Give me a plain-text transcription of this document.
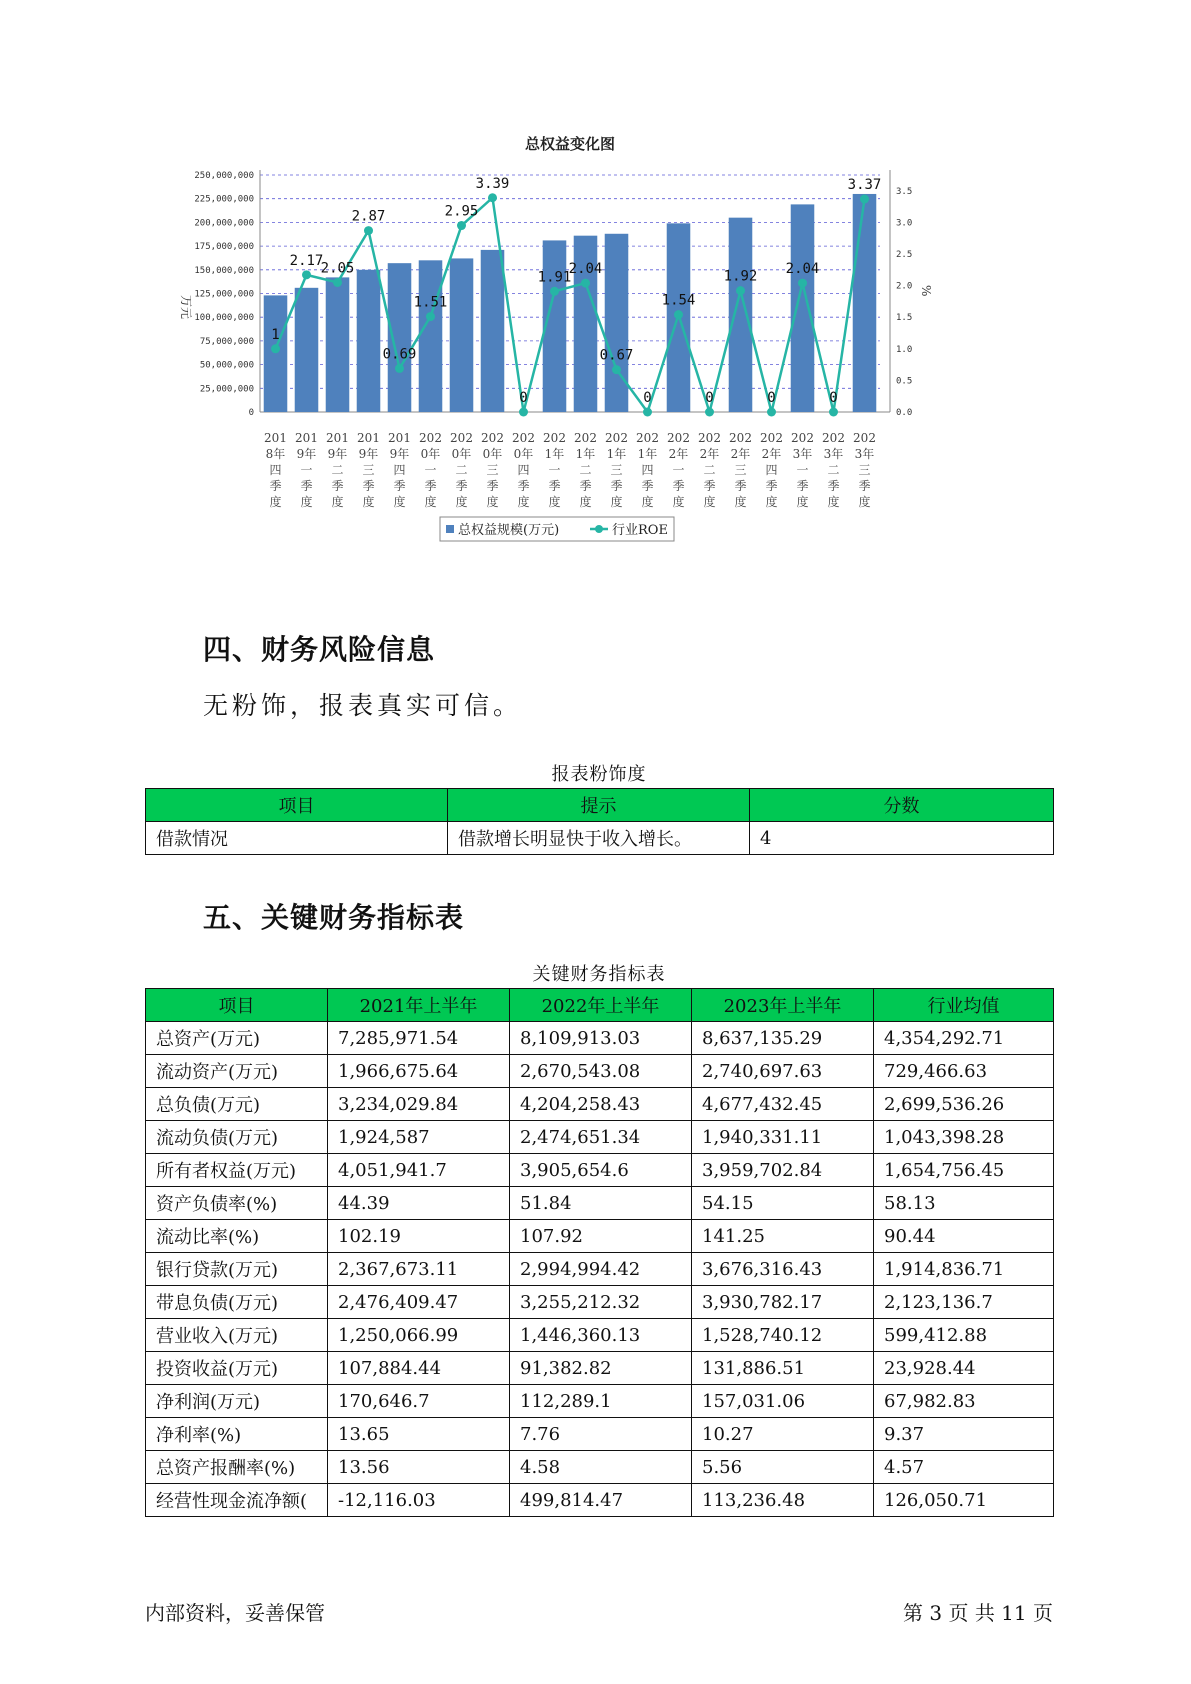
总权益变化图
250,000,000
225,000,000
200,000,000
175,000,000
150,000,000
125,000,000
100,000,000
75,000,000
50,000,000
25,000,000
0
3.5
3.0
2.5
2.0
1.5
1.0
0.5
0.0
万元
%
1
2.17
2.05
2.87
0.69
1.51
2.95
3.39
0
1.91
2.04
0.67
0
1.54
0
1.92
0
2.04
0
3.37
201
8年
四
季
度
201
9年
一
季
度
201
9年
二
季
度
201
9年
三
季
度
201
9年
四
季
度
202
0年
一
季
度
202
0年
二
季
度
202
0年
三
季
度
202
0年
四
季
度
202
1年
一
季
度
202
1年
二
季
度
202
1年
三
季
度
202
1年
四
季
度
202
2年
一
季
度
202
2年
二
季
度
202
2年
三
季
度
202
2年
四
季
度
202
3年
一
季
度
202
3年
二
季
度
202
3年
三
季
度
总权益规模(万元)	行业ROE
四、财务风险信息
无粉饰，报表真实可信。
报表粉饰度
项目	提示	分数
借款情况	借款增长明显快于收入增长。	4
五、关键财务指标表
关键财务指标表
项目	2021年上半年	2022年上半年	2023年上半年	行业均值
总资产(万元)	7,285,971.54	8,109,913.03	8,637,135.29	4,354,292.71
流动资产(万元)	1,966,675.64	2,670,543.08	2,740,697.63	729,466.63
总负债(万元)	3,234,029.84	4,204,258.43	4,677,432.45	2,699,536.26
流动负债(万元)	1,924,587	2,474,651.34	1,940,331.11	1,043,398.28
所有者权益(万元)	4,051,941.7	3,905,654.6	3,959,702.84	1,654,756.45
资产负债率(%)	44.39	51.84	54.15	58.13
流动比率(%)	102.19	107.92	141.25	90.44
银行贷款(万元)	2,367,673.11	2,994,994.42	3,676,316.43	1,914,836.71
带息负债(万元)	2,476,409.47	3,255,212.32	3,930,782.17	2,123,136.7
营业收入(万元)	1,250,066.99	1,446,360.13	1,528,740.12	599,412.88
投资收益(万元)	107,884.44	91,382.82	131,886.51	23,928.44
净利润(万元)	170,646.7	112,289.1	157,031.06	67,982.83
净利率(%)	13.65	7.76	10.27	9.37
总资产报酬率(%)	13.56	4.58	5.56	4.57
经营性现金流净额(	-12,116.03	499,814.47	113,236.48	126,050.71
内部资料，妥善保管	第 3 页 共 11 页
